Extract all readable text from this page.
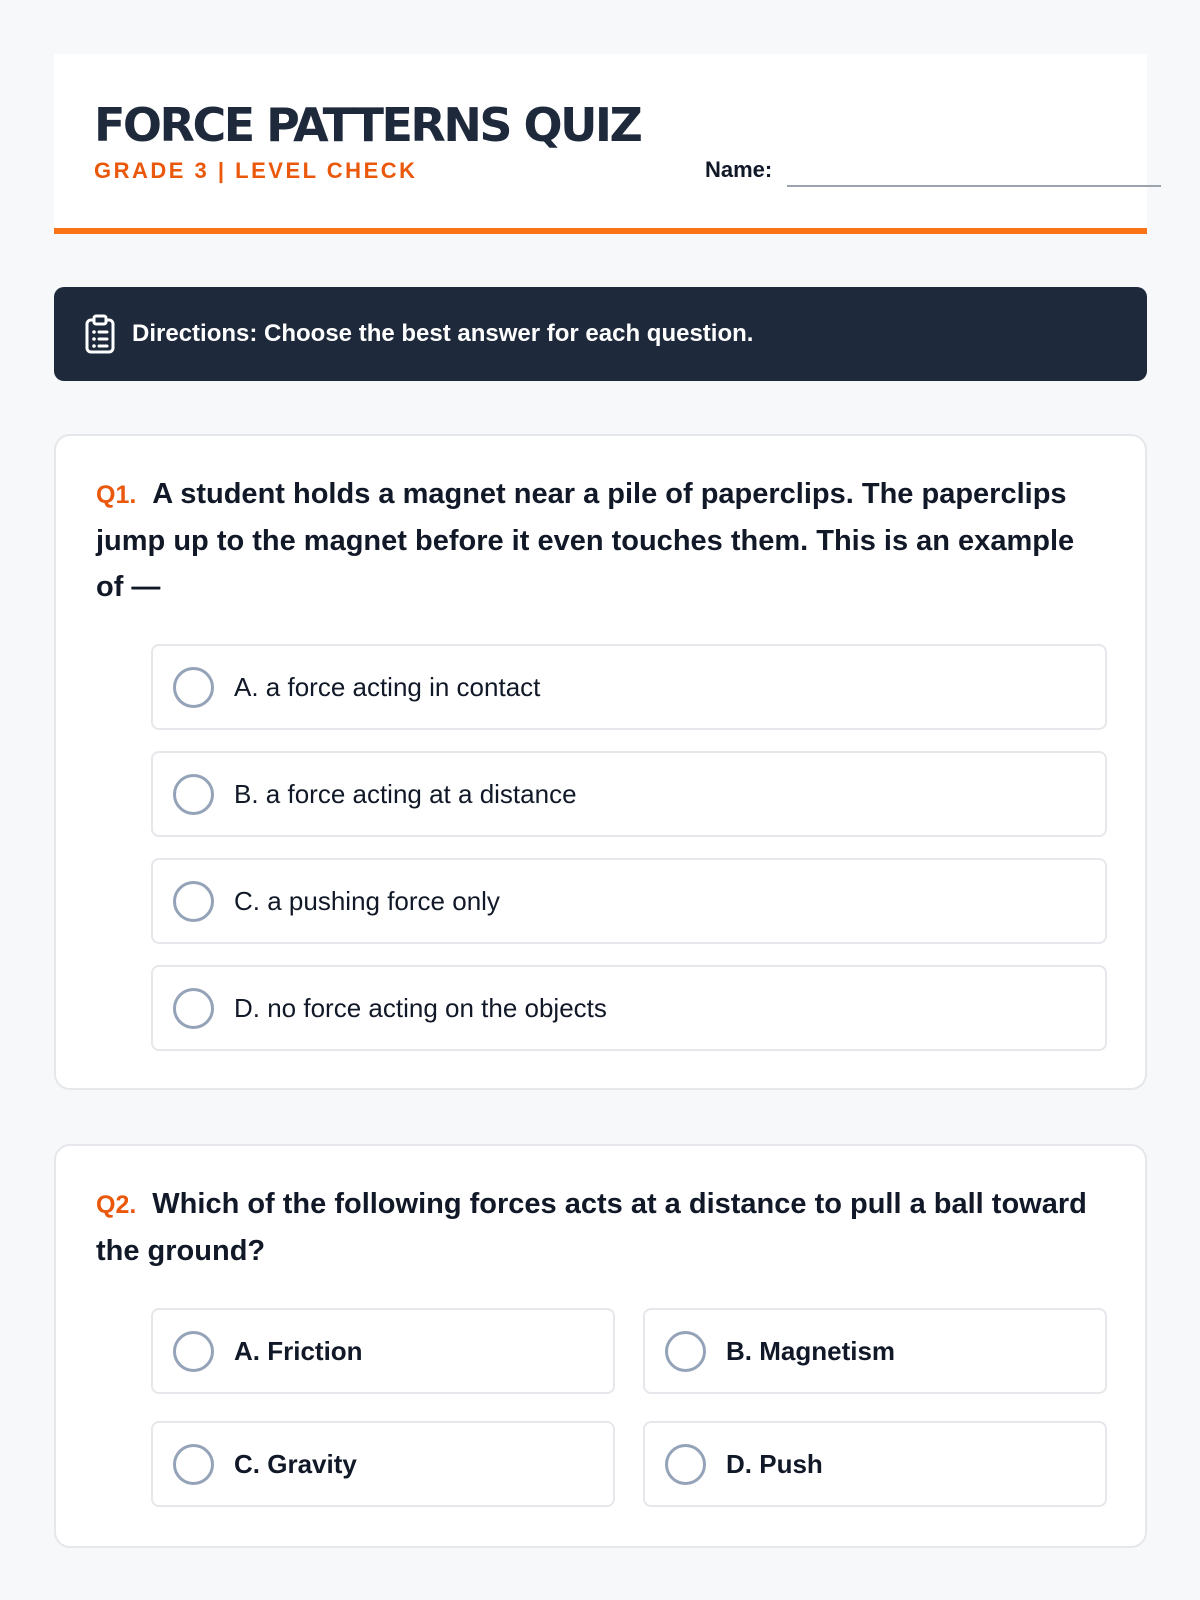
FORCE PATTERNS QUIZ
GRADE 3 | LEVEL CHECK	Name:
Directions: Choose the best answer for each question.
Q1. A student holds a magnet near a pile of paperclips. The paperclips jump up to the magnet before it even touches them. This is an example of —
A. a force acting in contact
B. a force acting at a distance
C. a pushing force only
D. no force acting on the objects
Q2. Which of the following forces acts at a distance to pull a ball toward the ground?
A. Friction	B. Magnetism
C. Gravity	D. Push
